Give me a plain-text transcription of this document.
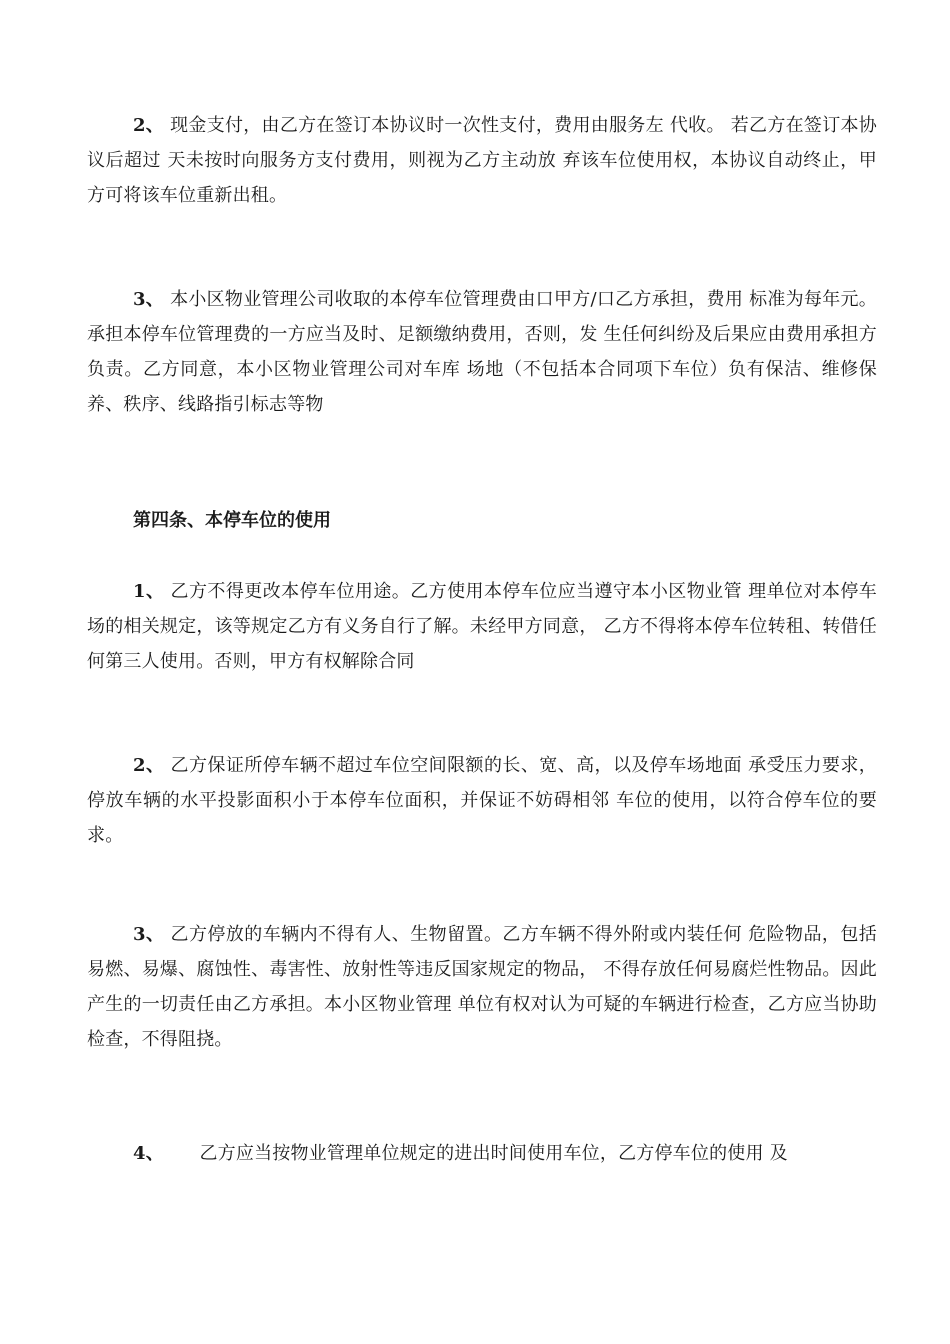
2、 现金支付，由乙方在签订本协议时一次性支付，费用由服务左 代收。 若乙方在签订本协议后超过 天未按时向服务方支付费用，则视为乙方主动放 弃该车位使用权，本协议自动终止，甲方可将该车位重新出租。

3、 本小区物业管理公司收取的本停车位管理费由口甲方/口乙方承担，费用 标准为每年元。承担本停车位管理费的一方应当及时、足额缴纳费用，否则，发 生任何纠纷及后果应由费用承担方负责。乙方同意，本小区物业管理公司对车库 场地（不包括本合同项下车位）负有保洁、维修保养、秩序、线路指引标志等物

第四条、本停车位的使用

1、 乙方不得更改本停车位用途。乙方使用本停车位应当遵守本小区物业管 理单位对本停车场的相关规定，该等规定乙方有义务自行了解。未经甲方同意， 乙方不得将本停车位转租、转借任何第三人使用。否则，甲方有权解除合同

2、 乙方保证所停车辆不超过车位空间限额的长、宽、高，以及停车场地面 承受压力要求，停放车辆的水平投影面积小于本停车位面积，并保证不妨碍相邻 车位的使用，以符合停车位的要求。

3、 乙方停放的车辆内不得有人、生物留置。乙方车辆不得外附或内装任何 危险物品，包括易燃、易爆、腐蚀性、毒害性、放射性等违反国家规定的物品， 不得存放任何易腐烂性物品。因此产生的一切责任由乙方承担。本小区物业管理 单位有权对认为可疑的车辆进行检查，乙方应当协助检查，不得阻挠。

4、      乙方应当按物业管理单位规定的进出时间使用车位，乙方停车位的使用 及
